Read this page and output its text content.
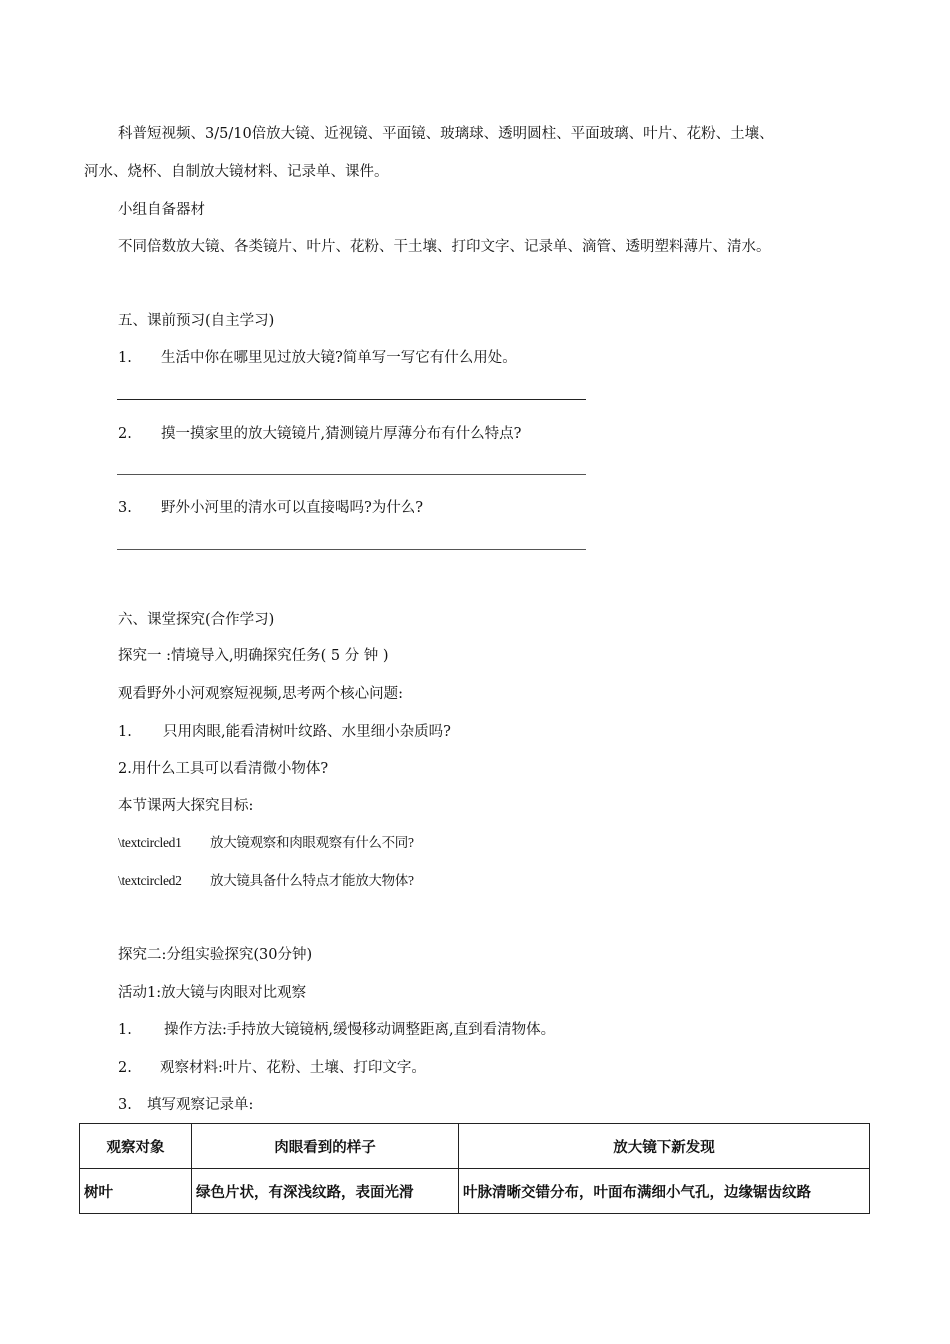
科普短视频、3/5/10倍放大镜、近视镜、平面镜、玻璃球、透明圆柱、平面玻璃、叶片、花粉、土壤、
河水、烧杯、自制放大镜材料、记录单、课件。
小组自备器材
不同倍数放大镜、各类镜片、叶片、花粉、干土壤、打印文字、记录单、滴管、透明塑料薄片、清水。
五、课前预习(自主学习)
1. 生活中你在哪里见过放大镜?简单写一写它有什么用处。
2. 摸一摸家里的放大镜镜片,猜测镜片厚薄分布有什么特点?
3. 野外小河里的清水可以直接喝吗?为什么?
六、课堂探究(合作学习)
探究一 :情境导入,明确探究任务( 5 分 钟 )
观看野外小河观察短视频,思考两个核心问题:
1. 只用肉眼,能看清树叶纹路、水里细小杂质吗?
2.用什么工具可以看清微小物体?
本节课两大探究目标:
\textcircled1 放大镜观察和肉眼观察有什么不同?
\textcircled2 放大镜具备什么特点才能放大物体?
探究二:分组实验探究(30分钟)
活动1:放大镜与肉眼对比观察
1. 操作方法:手持放大镜镜柄,缓慢移动调整距离,直到看清物体。
2. 观察材料:叶片、花粉、土壤、打印文字。
3. 填写观察记录单:
观察对象	肉眼看到的样子	放大镜下新发现
树叶	绿色片状，有深浅纹路，表面光滑	叶脉清晰交错分布，叶面布满细小气孔，边缘锯齿纹路
